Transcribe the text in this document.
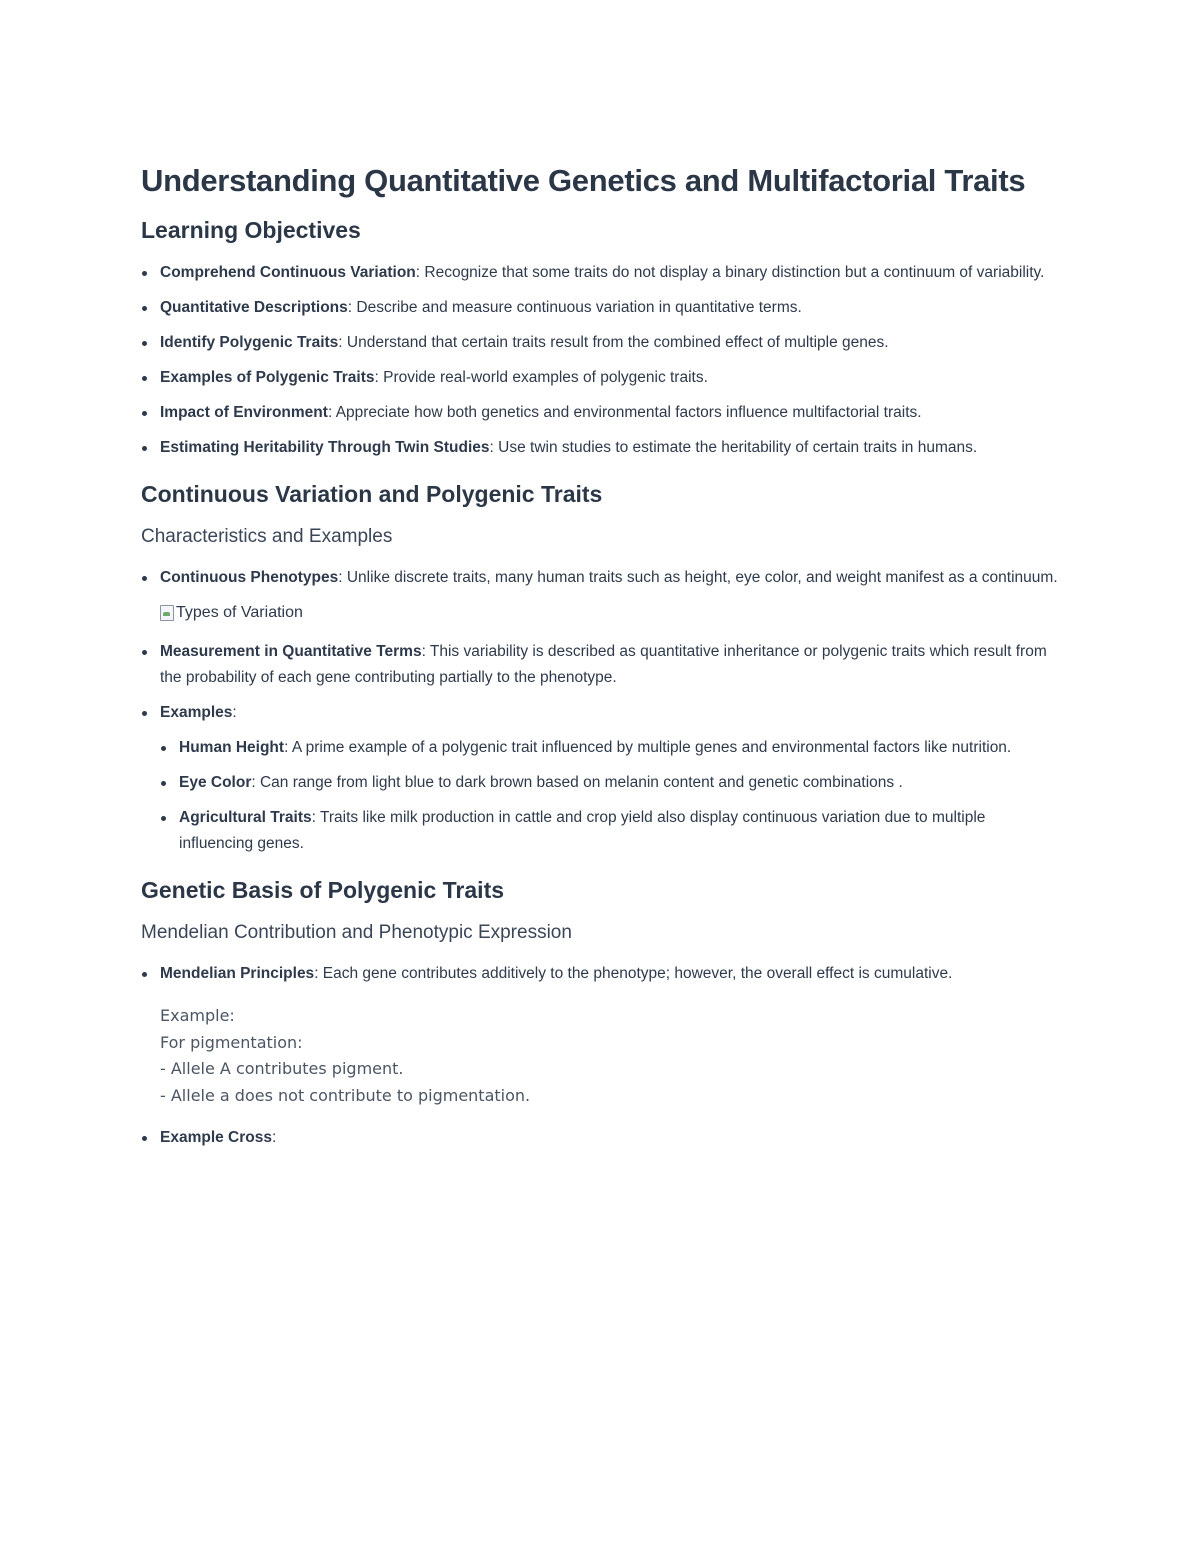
Understanding Quantitative Genetics and Multifactorial Traits
Learning Objectives
Comprehend Continuous Variation: Recognize that some traits do not display a binary distinction but a continuum of variability.
Quantitative Descriptions: Describe and measure continuous variation in quantitative terms.
Identify Polygenic Traits: Understand that certain traits result from the combined effect of multiple genes.
Examples of Polygenic Traits: Provide real-world examples of polygenic traits.
Impact of Environment: Appreciate how both genetics and environmental factors influence multifactorial traits.
Estimating Heritability Through Twin Studies: Use twin studies to estimate the heritability of certain traits in humans.
Continuous Variation and Polygenic Traits
Characteristics and Examples
Continuous Phenotypes: Unlike discrete traits, many human traits such as height, eye color, and weight manifest as a continuum.
Types of Variation
Measurement in Quantitative Terms: This variability is described as quantitative inheritance or polygenic traits which result from the probability of each gene contributing partially to the phenotype.
Examples:
Human Height: A prime example of a polygenic trait influenced by multiple genes and environmental factors like nutrition.
Eye Color: Can range from light blue to dark brown based on melanin content and genetic combinations .
Agricultural Traits: Traits like milk production in cattle and crop yield also display continuous variation due to multiple influencing genes.
Genetic Basis of Polygenic Traits
Mendelian Contribution and Phenotypic Expression
Mendelian Principles: Each gene contributes additively to the phenotype; however, the overall effect is cumulative.
Example:
For pigmentation:
- Allele A contributes pigment.
- Allele a does not contribute to pigmentation.
Example Cross:
